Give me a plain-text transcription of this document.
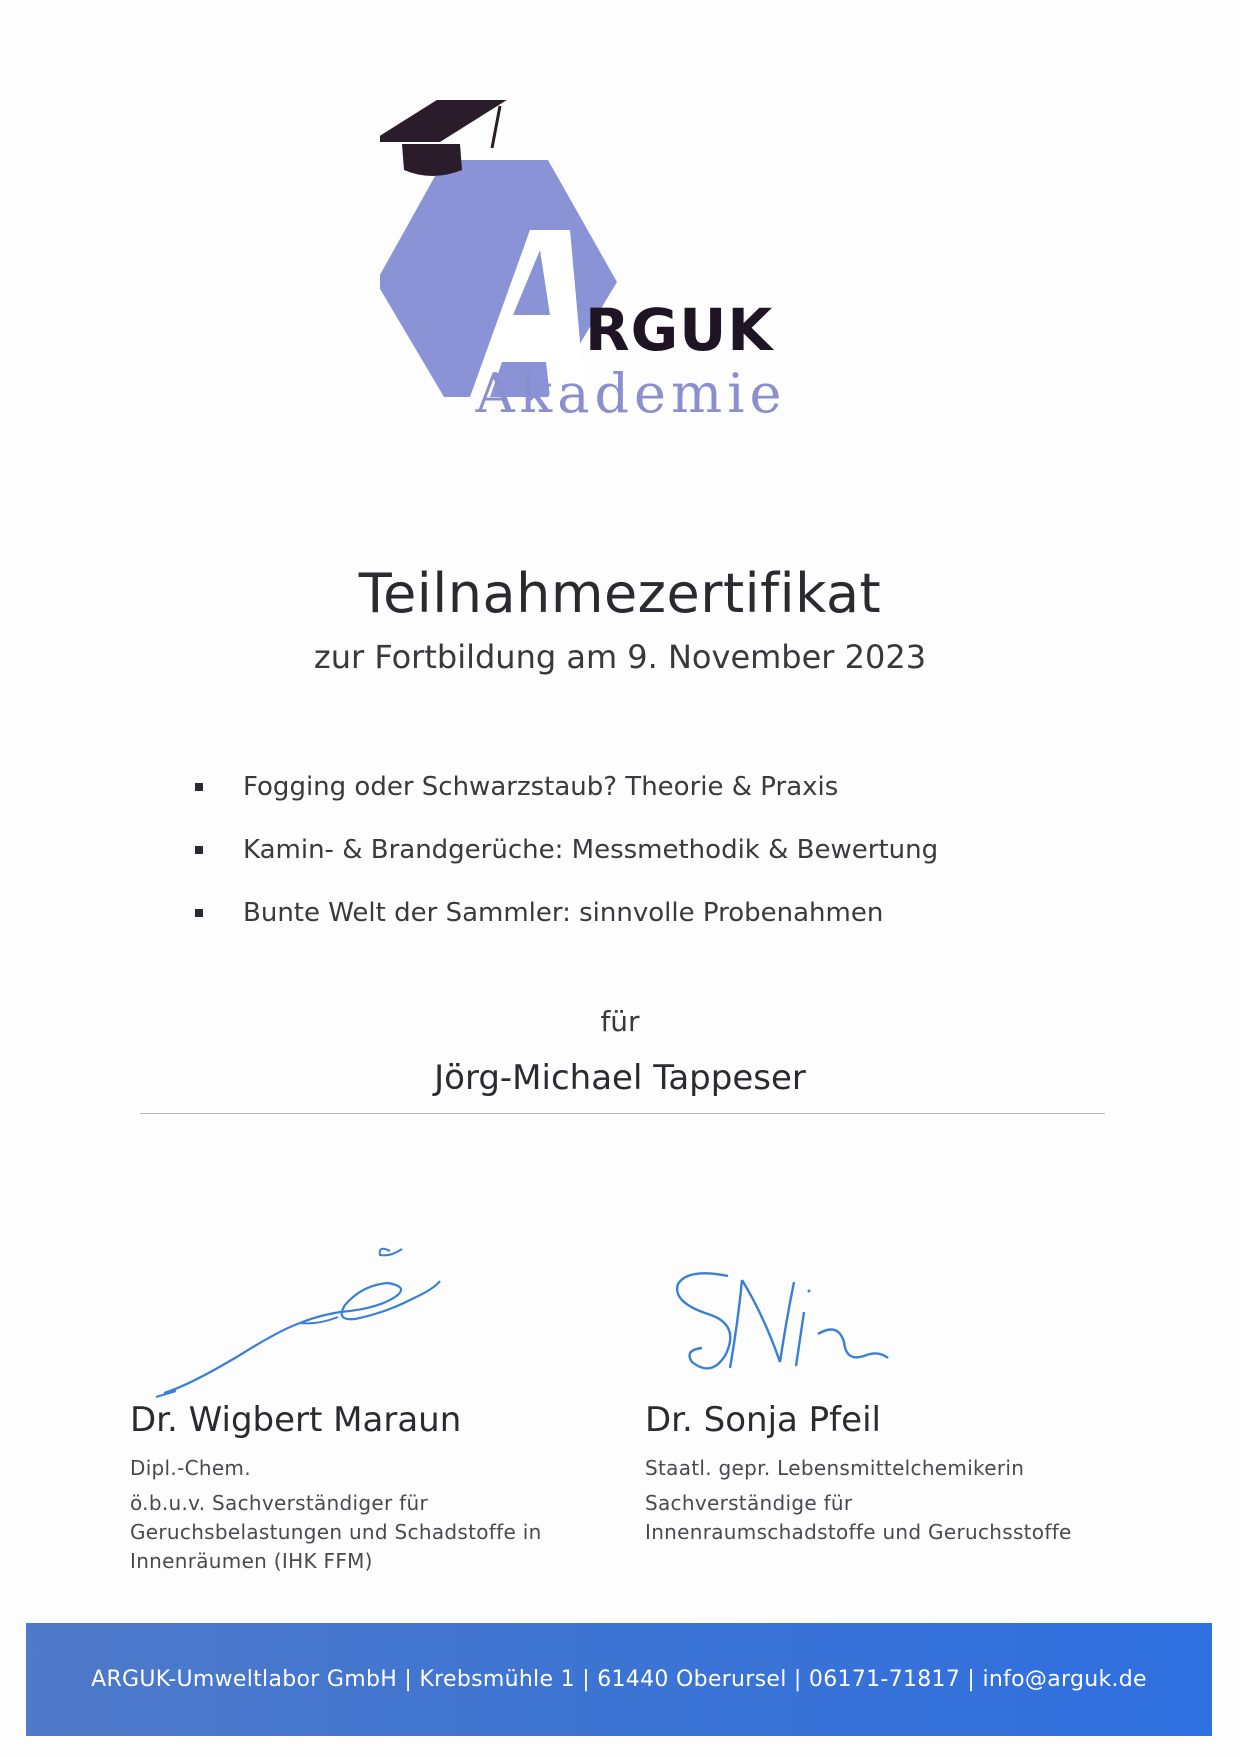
RGUK
Akademie
Teilnahmezertifikat
zur Fortbildung am 9. November 2023
Fogging oder Schwarzstaub? Theorie & Praxis
Kamin- & Brandgerüche: Messmethodik & Bewertung
Bunte Welt der Sammler: sinnvolle Probenahmen
für
Jörg-Michael Tappeser
Dr. Wigbert Maraun
Dipl.-Chem.
ö.b.u.v. Sachverständiger für
Geruchsbelastungen und Schadstoffe in
Innenräumen (IHK FFM)
Dr. Sonja Pfeil
Staatl. gepr. Lebensmittelchemikerin
Sachverständige für
Innenraumschadstoffe und Geruchsstoffe
ARGUK-Umweltlabor GmbH | Krebsmühle 1 | 61440 Oberursel | 06171-71817 | info@arguk.de
